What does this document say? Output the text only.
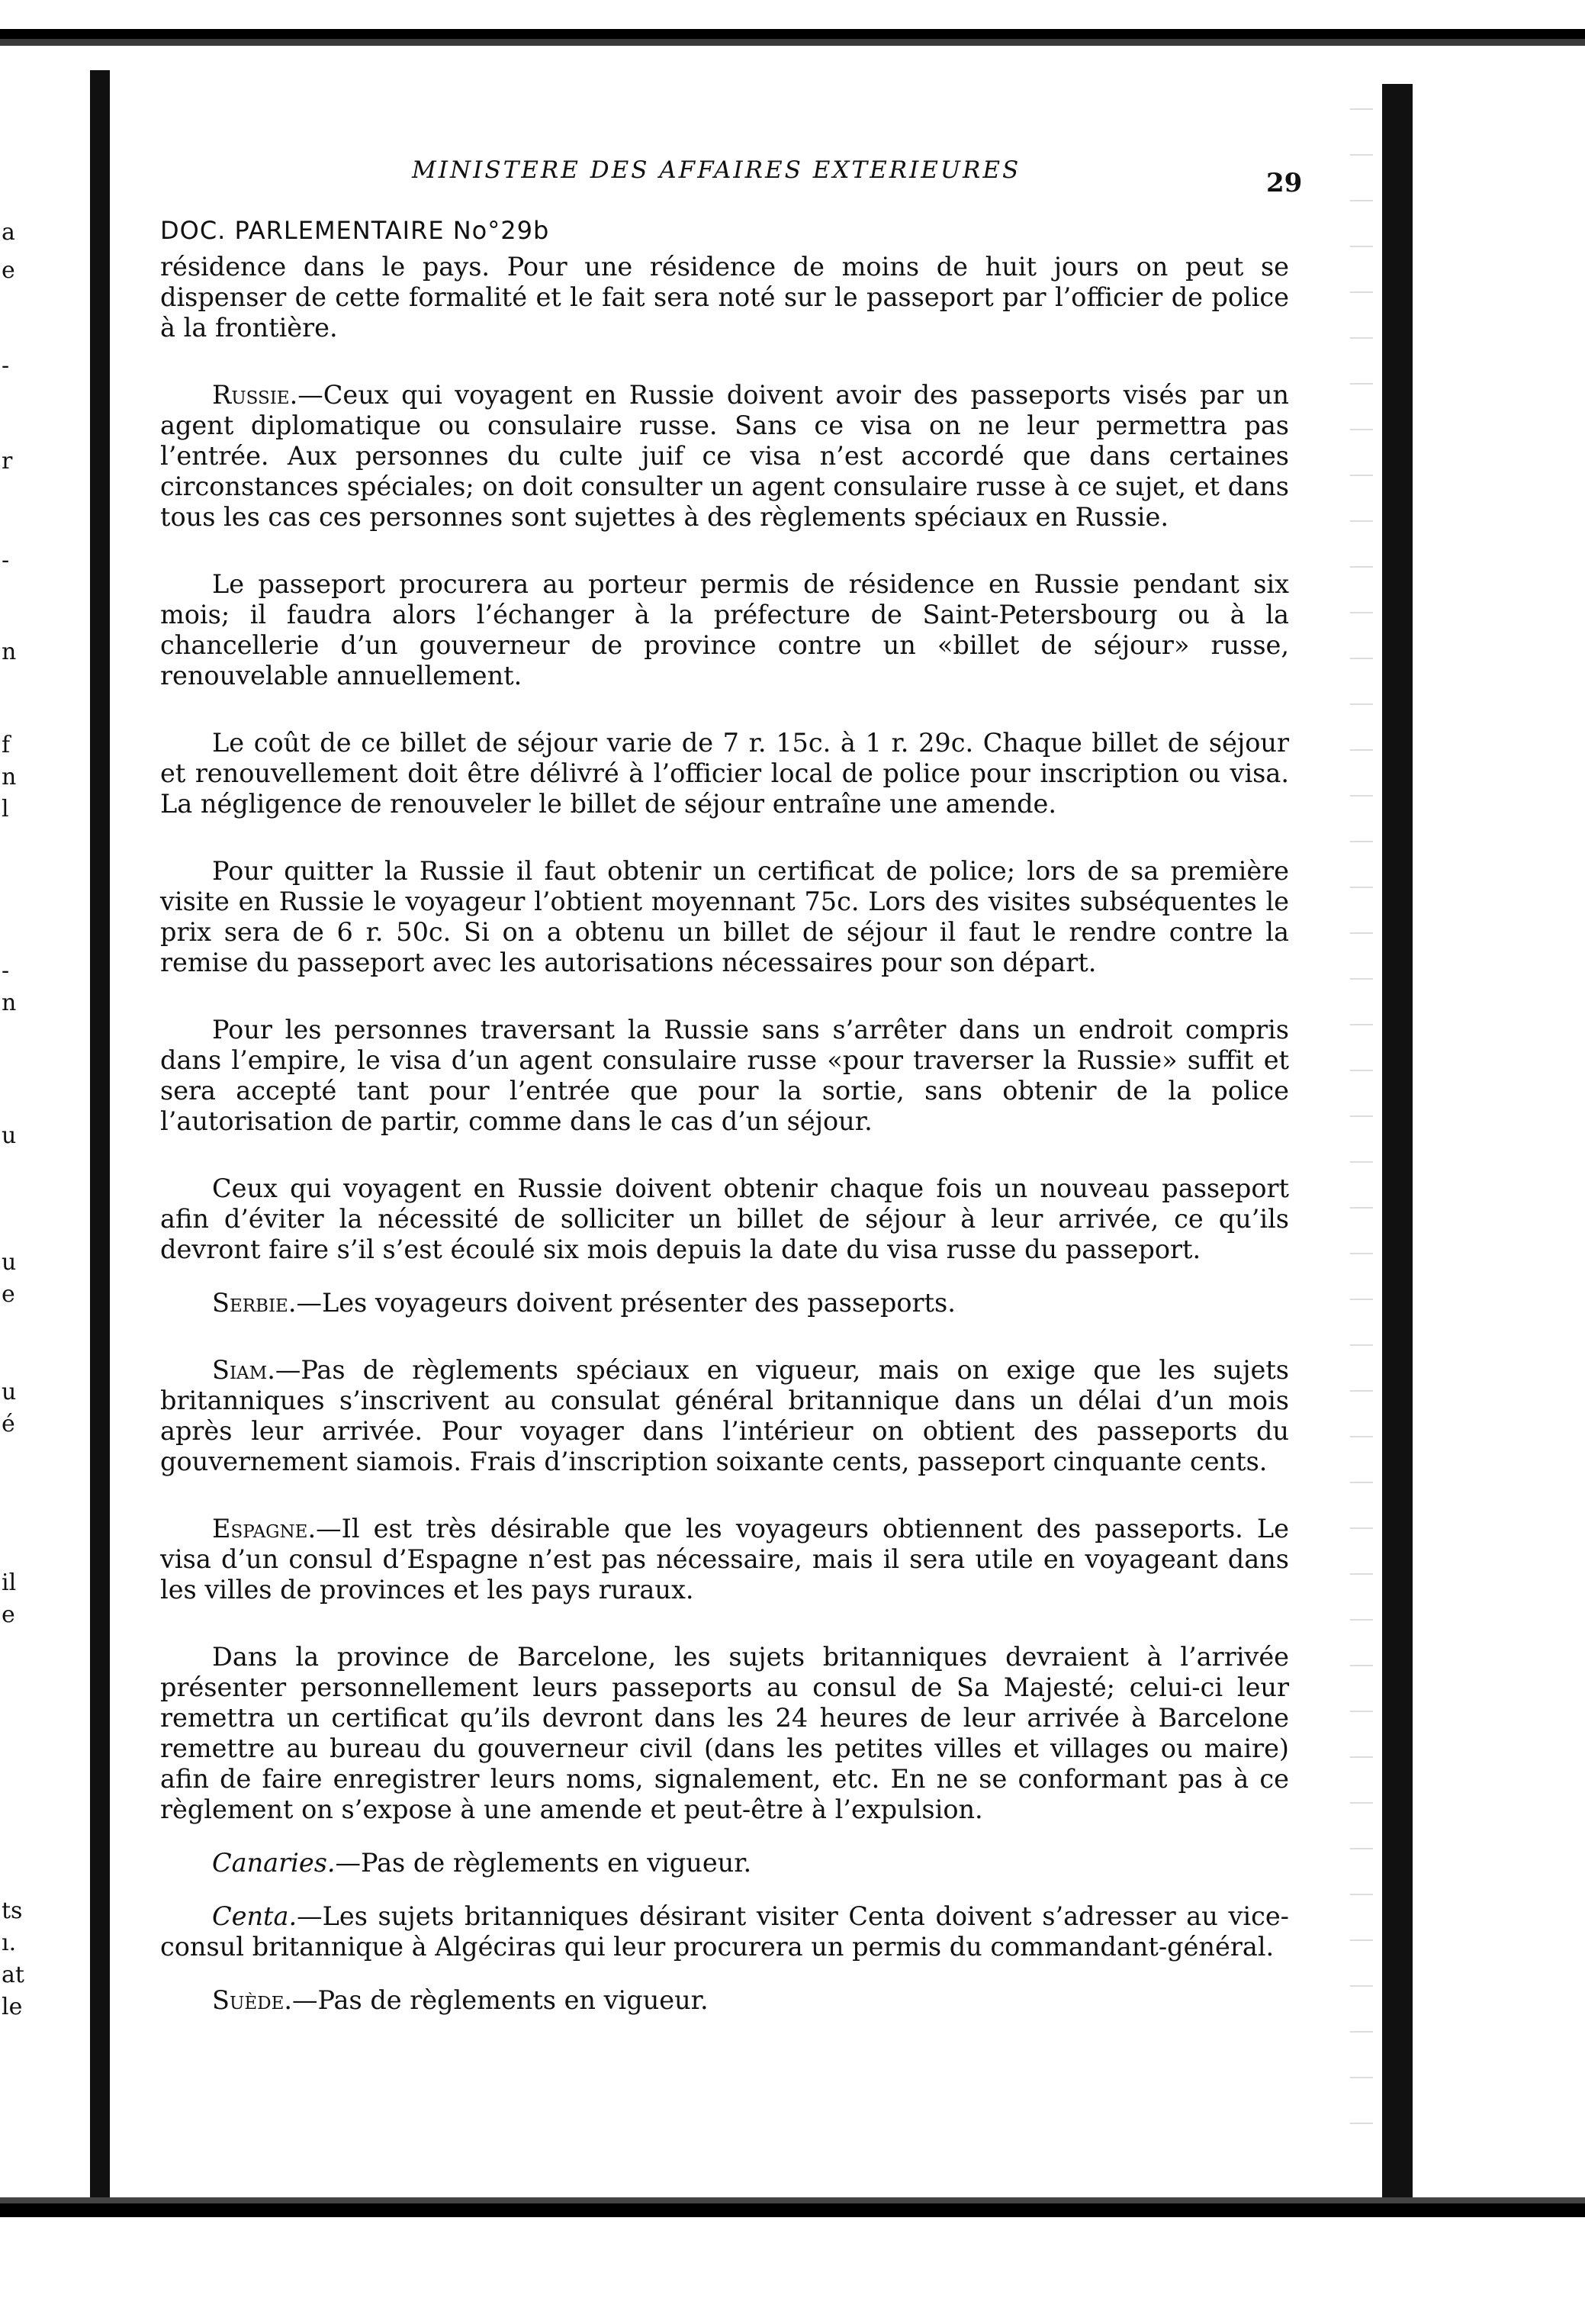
a
e
-
r
-
n
f
n
l
-
n
u
u
e
u
é
il
e
ts
ı.
at
le
MINISTERE DES AFFAIRES EXTERIEURES	29
DOC. PARLEMENTAIRE No°29b

résidence dans le pays. Pour une résidence de moins de huit jours on peut se dispenser de cette formalité et le fait sera noté sur le passeport par l’officier de police à la frontière.

Russie.—Ceux qui voyagent en Russie doivent avoir des passeports visés par un agent diplomatique ou consulaire russe. Sans ce visa on ne leur permettra pas l’entrée. Aux personnes du culte juif ce visa n’est accordé que dans certaines circonstances spéciales; on doit consulter un agent consulaire russe à ce sujet, et dans tous les cas ces personnes sont sujettes à des règlements spéciaux en Russie.

Le passeport procurera au porteur permis de résidence en Russie pendant six mois; il faudra alors l’échanger à la préfecture de Saint-Petersbourg ou à la chancellerie d’un gouverneur de province contre un «billet de séjour» russe, renouvelable annuellement.

Le coût de ce billet de séjour varie de 7 r. 15c. à 1 r. 29c. Chaque billet de séjour et renouvellement doit être délivré à l’officier local de police pour inscription ou visa. La négligence de renouveler le billet de séjour entraîne une amende.

Pour quitter la Russie il faut obtenir un certificat de police; lors de sa première visite en Russie le voyageur l’obtient moyennant 75c. Lors des visites subséquentes le prix sera de 6 r. 50c. Si on a obtenu un billet de séjour il faut le rendre contre la remise du passeport avec les autorisations nécessaires pour son départ.

Pour les personnes traversant la Russie sans s’arrêter dans un endroit compris dans l’empire, le visa d’un agent consulaire russe «pour traverser la Russie» suffit et sera accepté tant pour l’entrée que pour la sortie, sans obtenir de la police l’autorisation de partir, comme dans le cas d’un séjour.

Ceux qui voyagent en Russie doivent obtenir chaque fois un nouveau passeport afin d’éviter la nécessité de solliciter un billet de séjour à leur arrivée, ce qu’ils devront faire s’il s’est écoulé six mois depuis la date du visa russe du passeport.

Serbie.—Les voyageurs doivent présenter des passeports.

Siam.—Pas de règlements spéciaux en vigueur, mais on exige que les sujets britanniques s’inscrivent au consulat général britannique dans un délai d’un mois après leur arrivée. Pour voyager dans l’intérieur on obtient des passeports du gouvernement siamois. Frais d’inscription soixante cents, passeport cinquante cents.

Espagne.—Il est très désirable que les voyageurs obtiennent des passeports. Le visa d’un consul d’Espagne n’est pas nécessaire, mais il sera utile en voyageant dans les villes de provinces et les pays ruraux.

Dans la province de Barcelone, les sujets britanniques devraient à l’arrivée présenter personnellement leurs passeports au consul de Sa Majesté; celui-ci leur remettra un certificat qu’ils devront dans les 24 heures de leur arrivée à Barcelone remettre au bureau du gouverneur civil (dans les petites villes et villages ou maire) afin de faire enregistrer leurs noms, signalement, etc. En ne se conformant pas à ce règlement on s’expose à une amende et peut-être à l’expulsion.

Canaries.—Pas de règlements en vigueur.

Centa.—Les sujets britanniques désirant visiter Centa doivent s’adresser au vice-consul britannique à Algéciras qui leur procurera un permis du commandant-général.

Suède.—Pas de règlements en vigueur.
